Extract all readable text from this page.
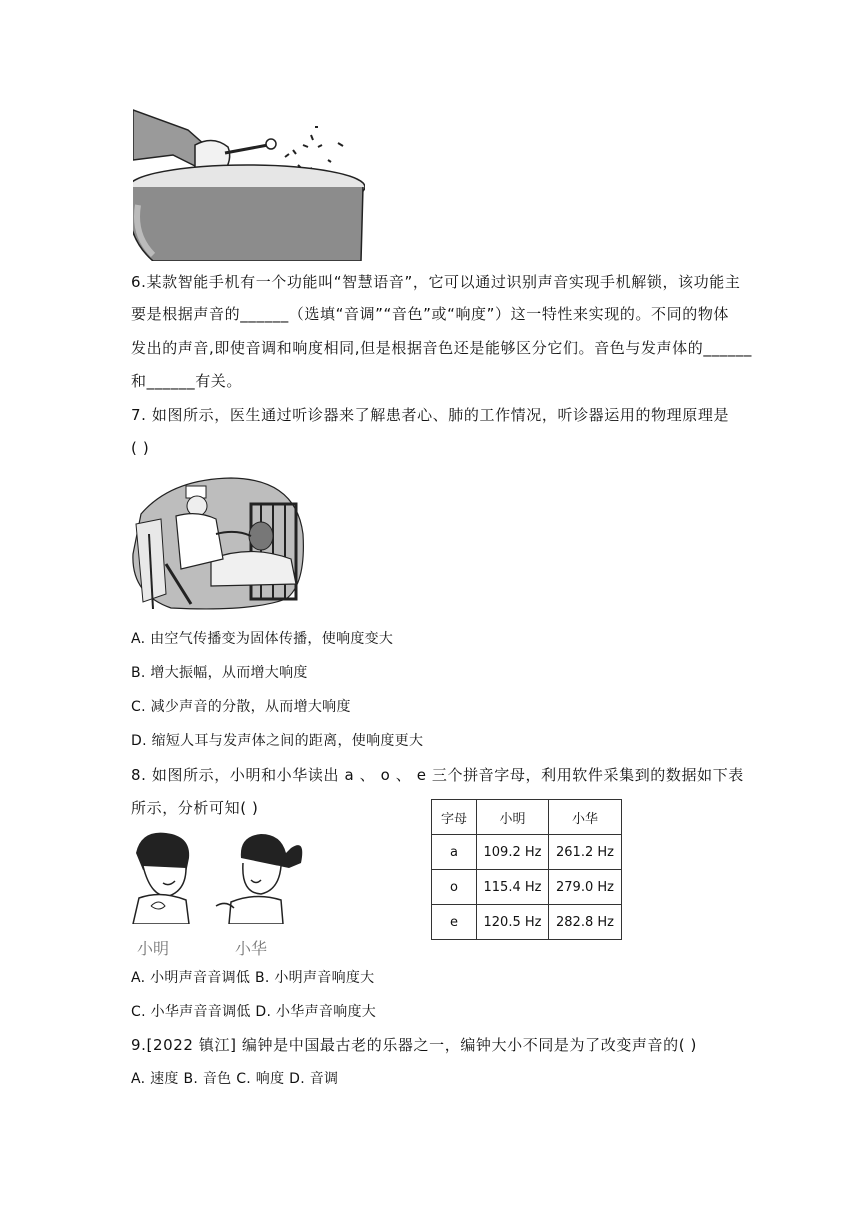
6.某款智能手机有一个功能叫“智慧语音”，它可以通过识别声音实现手机解锁，该功能主
要是根据声音的______（选填“音调”“音色”或“响度”）这一特性来实现的。不同的物体
发出的声音,即使音调和响度相同,但是根据音色还是能够区分它们。音色与发声体的______
和______有关。
7. 如图所示，医生通过听诊器来了解患者心、肺的工作情况，听诊器运用的物理原理是
( )
A. 由空气传播变为固体传播，使响度变大
B. 增大振幅，从而增大响度
C. 减少声音的分散，从而增大响度
D. 缩短人耳与发声体之间的距离，使响度更大
8. 如图所示，小明和小华读出 a 、 o 、 e 三个拼音字母，利用软件采集到的数据如下表
所示，分析可知( )
小明	小华
字母	小明	小华
a	109.2 Hz	261.2 Hz
o	115.4 Hz	279.0 Hz
e	120.5 Hz	282.8 Hz
A. 小明声音音调低 B. 小明声音响度大
C. 小华声音音调低 D. 小华声音响度大
9.[2022 镇江] 编钟是中国最古老的乐器之一，编钟大小不同是为了改变声音的( )
A. 速度 B. 音色 C. 响度 D. 音调
